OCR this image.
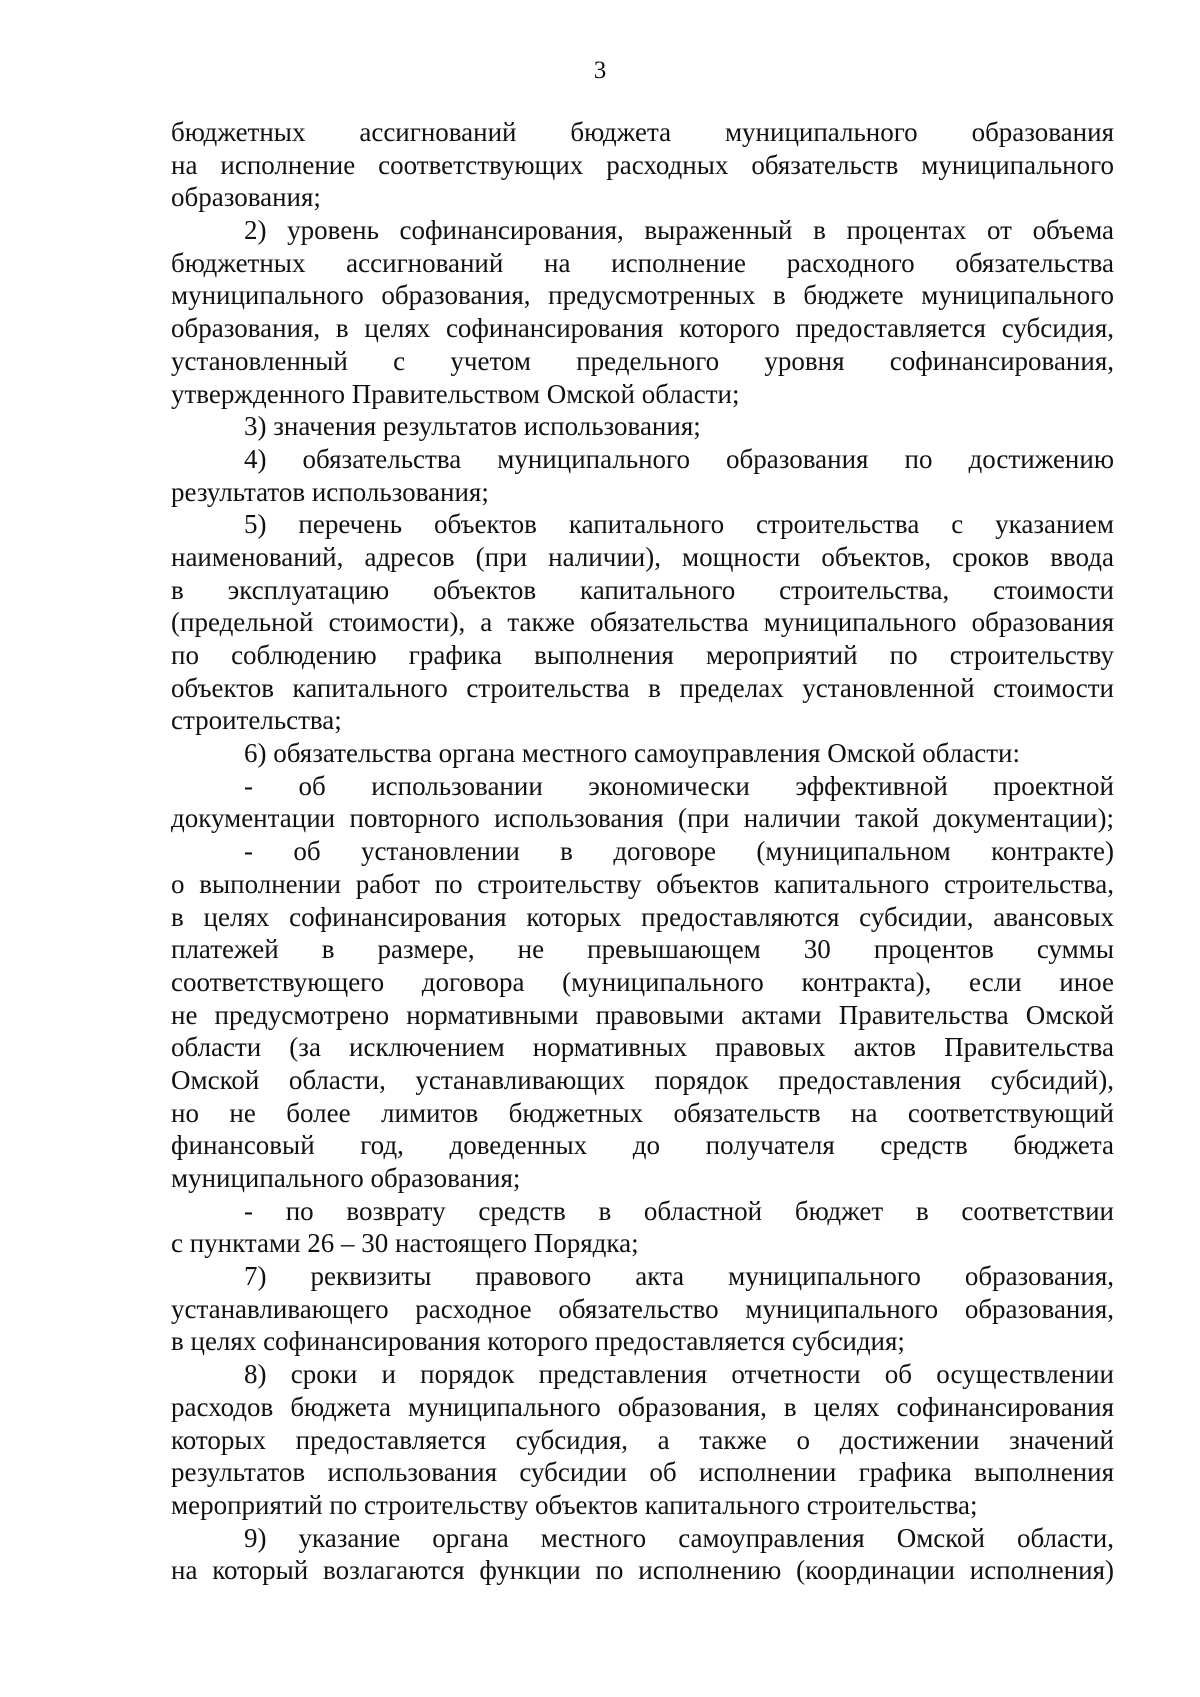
3
бюджетных ассигнований бюджета муниципального образования
на исполнение соответствующих расходных обязательств муниципального
образования;
2) уровень софинансирования, выраженный в процентах от объема
бюджетных ассигнований на исполнение расходного обязательства
муниципального образования, предусмотренных в бюджете муниципального
образования, в целях софинансирования которого предоставляется субсидия,
установленный с учетом предельного уровня софинансирования,
утвержденного Правительством Омской области;
3) значения результатов использования;
4) обязательства муниципального образования по достижению
результатов использования;
5) перечень объектов капитального строительства с указанием
наименований, адресов (при наличии), мощности объектов, сроков ввода
в эксплуатацию объектов капитального строительства, стоимости
(предельной стоимости), а также обязательства муниципального образования
по соблюдению графика выполнения мероприятий по строительству
объектов капитального строительства в пределах установленной стоимости
строительства;
6) обязательства органа местного самоуправления Омской области:
- об использовании экономически эффективной проектной
документации повторного использования (при наличии такой документации);
- об установлении в договоре (муниципальном контракте)
о выполнении работ по строительству объектов капитального строительства,
в целях софинансирования которых предоставляются субсидии, авансовых
платежей в размере, не превышающем 30 процентов суммы
соответствующего договора (муниципального контракта), если иное
не предусмотрено нормативными правовыми актами Правительства Омской
области (за исключением нормативных правовых актов Правительства
Омской области, устанавливающих порядок предоставления субсидий),
но не более лимитов бюджетных обязательств на соответствующий
финансовый год, доведенных до получателя средств бюджета
муниципального образования;
- по возврату средств в областной бюджет в соответствии
с пунктами 26 – 30 настоящего Порядка;
7) реквизиты правового акта муниципального образования,
устанавливающего расходное обязательство муниципального образования,
в целях софинансирования которого предоставляется субсидия;
8) сроки и порядок представления отчетности об осуществлении
расходов бюджета муниципального образования, в целях софинансирования
которых предоставляется субсидия, а также о достижении значений
результатов использования субсидии об исполнении графика выполнения
мероприятий по строительству объектов капитального строительства;
9) указание органа местного самоуправления Омской области,
на который возлагаются функции по исполнению (координации исполнения)
